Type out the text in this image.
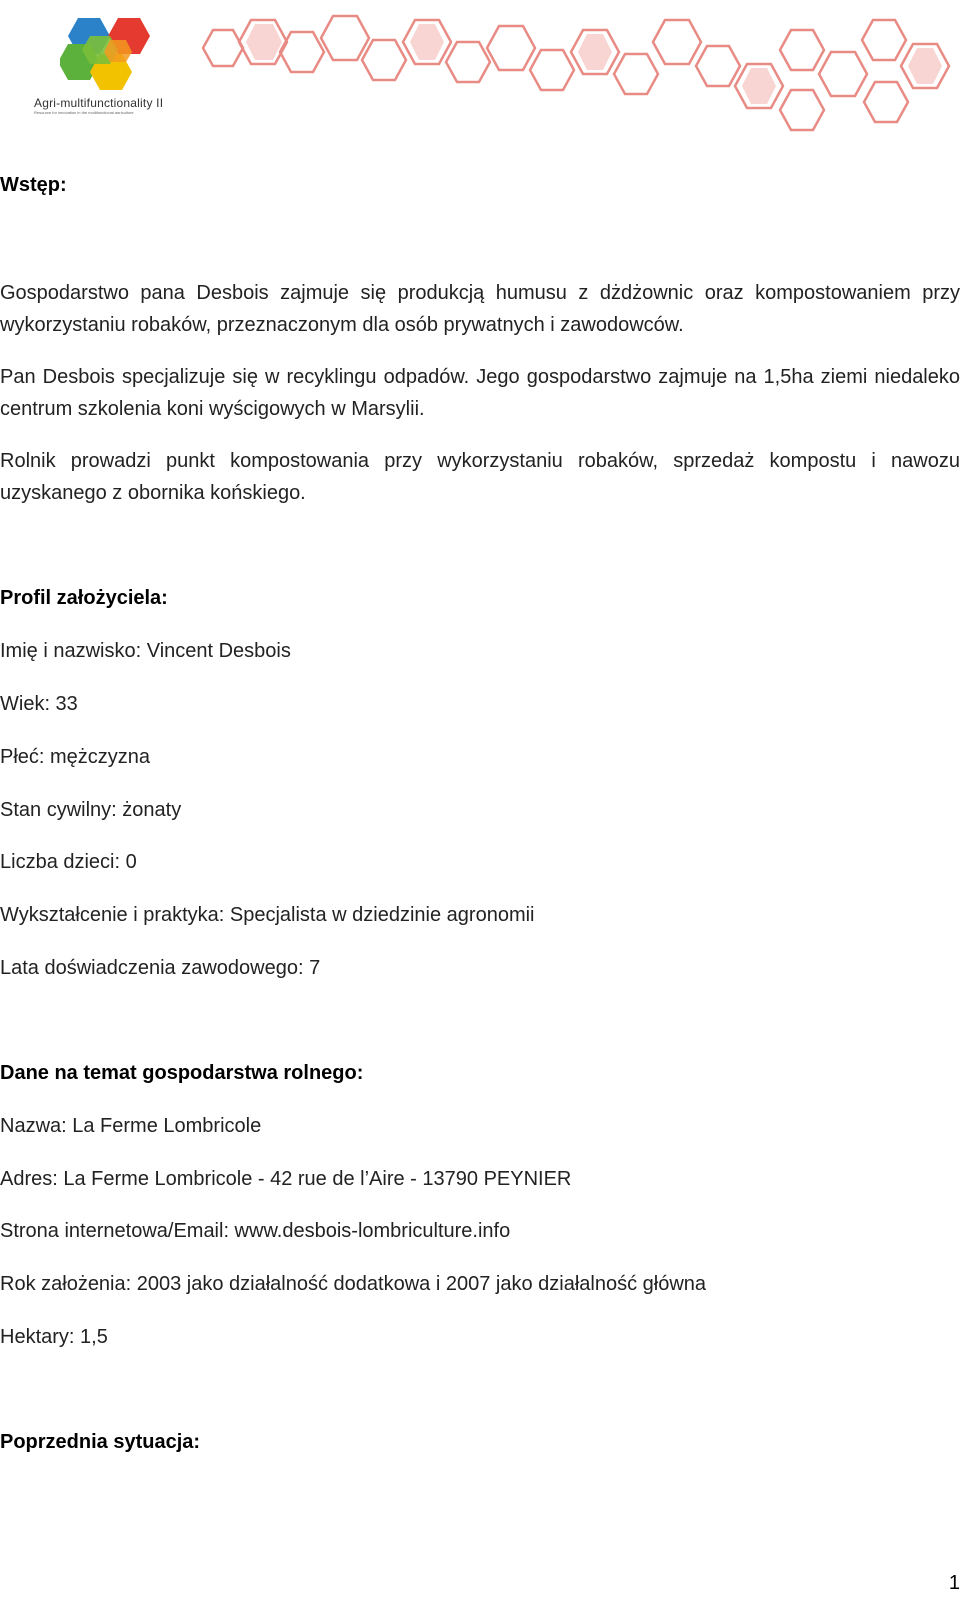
Agri-multifunctionality II
Resource for innovation in the multifunctional agriculture
Wstęp:
Gospodarstwo pana Desbois zajmuje się produkcją humusu z dżdżownic oraz kompostowaniem przy wykorzystaniu robaków, przeznaczonym dla osób prywatnych i zawodowców.
Pan Desbois specjalizuje się w recyklingu odpadów. Jego gospodarstwo zajmuje na 1,5ha ziemi niedaleko centrum szkolenia koni wyścigowych w Marsylii.
Rolnik prowadzi punkt kompostowania przy wykorzystaniu robaków, sprzedaż kompostu i nawozu uzyskanego z obornika końskiego.
Profil założyciela:
Imię i nazwisko: Vincent Desbois
Wiek: 33
Płeć: mężczyzna
Stan cywilny: żonaty
Liczba dzieci: 0
Wykształcenie i praktyka: Specjalista w dziedzinie agronomii
Lata doświadczenia zawodowego: 7
Dane na temat gospodarstwa rolnego:
Nazwa: La Ferme Lombricole
Adres: La Ferme Lombricole - 42 rue de l’Aire - 13790 PEYNIER
Strona internetowa/Email: www.desbois-lombriculture.info
Rok założenia: 2003 jako działalność dodatkowa i 2007 jako działalność główna
Hektary: 1,5
Poprzednia sytuacja:
1
